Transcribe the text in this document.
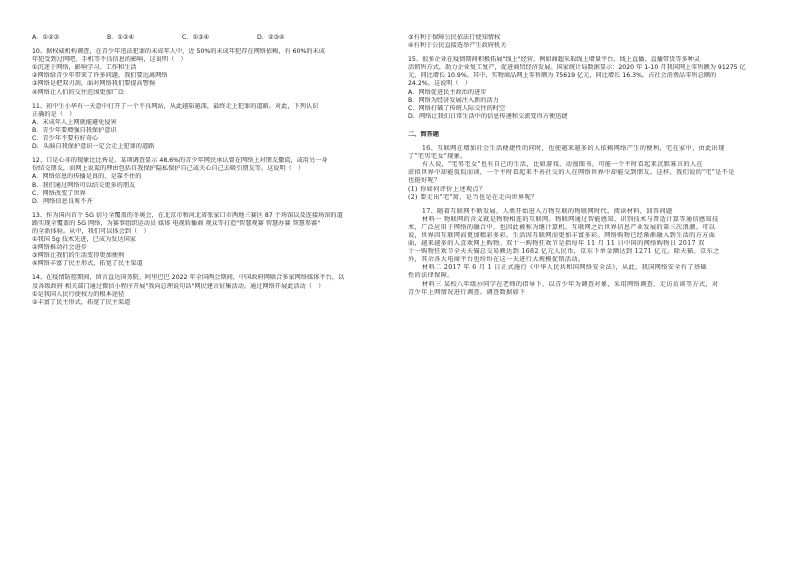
A．①②③	B．①②④	C．①③④	D．②③④

10、据权威机构调查，在青少年违法犯罪的未成年人中，近 50%的未成年犯存在网络依赖，有 60%的未成

年犯受到过网吧、手机等不良信息的影响，这说明（　）

①沉迷于网络，影响学习、工作和生活

②网络给青少年带来了许多问题，我们要远离网络

③网络是把双刃剑，面对网络我们要提高警惕

④网络让人们的交往范围更加广泛

11、初中生小华有一天意中打开了一个不良网站，从此越陷越深，最终走上犯罪的道路。对此，下列认识

正确的是（　）

A．未成年人上网就能避免侵害

B．青少年要增强自我保护意识

C．青少年不要有好奇心

D．头脑自我保护意识一定会走上犯罪的道路

12、口是心非的现象比比皆是。某项调查显示 48.6%的青少年网民承认曾在网络上对朋友撒谎，或用另一身

份结交朋友，而网上说谎的理由包括自我保护隐私保护自己或关心自己去吸引朋友等。这说明（　）

A．网络信息的传播是真的，是靠不住的

B．我们通过网络可以结交更多的朋友

C．网络改变了世界

D．网络信息良莠不齐

13、作为国内首个 5G 信号全覆盖的冬奥会，在北京市和河北省张家口市两地三赛区 87 个场馆以及连接场馆的道

路实现全覆盖的 5G 网络，为赛事组织运动员 媒体 电视转播商 观众等打造"智慧观赛 智慧办赛 智慧参赛"

的全新体验。从中，我们可以体会到（　）

①我国 5g 技术先进，已成为发达国家

②网络推动社会进步

③网络让我们的生活变得更加便利

④网络丰富了民主形式，拓宽了民主渠道

14、在疫情防控期间，留言直达国务院、阿里巴巴 2022 年全国两会期间，中国政府网联合多家网络媒体平台，以

及各级政府 相关部门通过微信小程序开展"我向总理说句话"网民建言征集活动。通过网络开展此活动（　）

①是我国人民行使权力的根本途径

②丰富了民主形式，拓宽了民主渠道

③有利于保障公民依法行使知情权

④有利于公民直接选举产生政府机关

15、很多企业在疫情期间积极拓展"线上"经营，例如商超采取线上增量平台、线上直播、直播带货等多种灵

活销售方式，助力企业复工复产，促进商贸经济发展。国家统计局数据显示：2020 年 1-10 月我国网上零售额为 91275 亿

元，同比增长 10.9%。其中，实物商品网上零售额为 75619 亿元，同比增长 16.3%，占社会消费品零售总额的

24.2%。这说明（　）

A．网络促进民主政治的进步

B．网络为经济发展注入新的活力

C．网络打破了传统人际交往的时空

D．网络让我们日常生活中的信息传递和交流变得方便迅捷

二、简答题

16、互联网在增加社会生活便捷性的同时，也使越来越多的人依赖网络产生的便利，宅在家中，由此出现

了"宅男宅女"现象。

有人说，"宅男宅女"也有自己的生活，比如游戏、动漫图书，可能一个平时看起来沉默寡言的人在

虚拟世界中却能侃侃而谈，一个平时看起来不善社交的人在网络世界中却能交到朋友。这样，我们说的"宅"是不是

也挺好呢？

(1) 你如何评价上述观点？

(2) 要走出"宅"窝，是当也是在走向世界呢？

17、随着互联网不断发展，人类开始进入万物互联的物联网时代，阅读材料，回答问题

材料一 物联网的含义就是物物相连的互联网。物联网通过智能感知、识别技术与普适计算等通信感知技

术，广泛应用于网络的融合中，也因此被称为继计算机、互联网之后世界信息产业发展的第三次浪潮。可以

说，世界因互联网而更加精彩多彩，生活因互联网而更加丰富多彩。网络购物已经渐渐融入到生活的方方面

面，越来越多的人喜欢网上购物。双十一购物狂欢节是指每年 11 月 11 日中国的网络购物日 2017 双

十一购物狂欢节全天天猫总交易额达到 1682 亿元人民币，京东下单金额达到 1271 亿元。除天猫、京东之

外，其余各大电商平台也纷纷在这一天进行大规模促销活动。

材料二 2017 年 6 月 1 日正式施行《中华人民共和国网络安全法》，从此，我国网络安全有了基础

性的法律保障。

材料三 某校八年级⑩同学在老师的指导下，以青少年为调查对象，采用网络调查、走访访谈等方式，对

青少年上网情况进行调查。调查数据如下
